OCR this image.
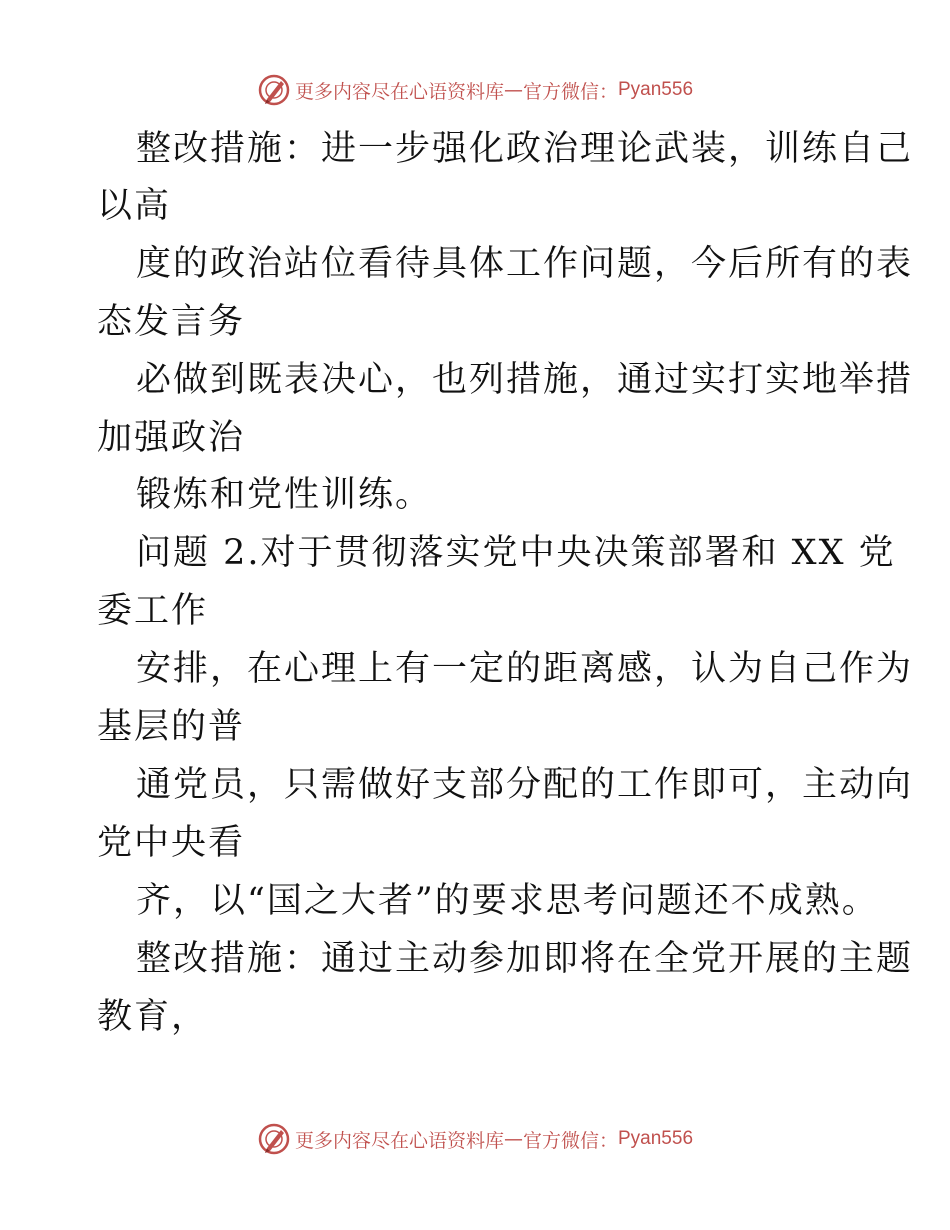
更多内容尽在心语资料库 — 官方微信： Pyan556
整改措施：进一步强化政治理论武装，训练自己
以高
度的政治站位看待具体工作问题，今后所有的表
态发言务
必做到既表决心，也列措施，通过实打实地举措
加强政治
锻炼和党性训练。
问题 2.对于贯彻落实党中央决策部署和 XX 党
委工作
安排，在心理上有一定的距离感，认为自己作为
基层的普
通党员，只需做好支部分配的工作即可，主动向
党中央看
齐，以“国之大者”的要求思考问题还不成熟。
整改措施：通过主动参加即将在全党开展的主题
教育，
更多内容尽在心语资料库 — 官方微信： Pyan556
